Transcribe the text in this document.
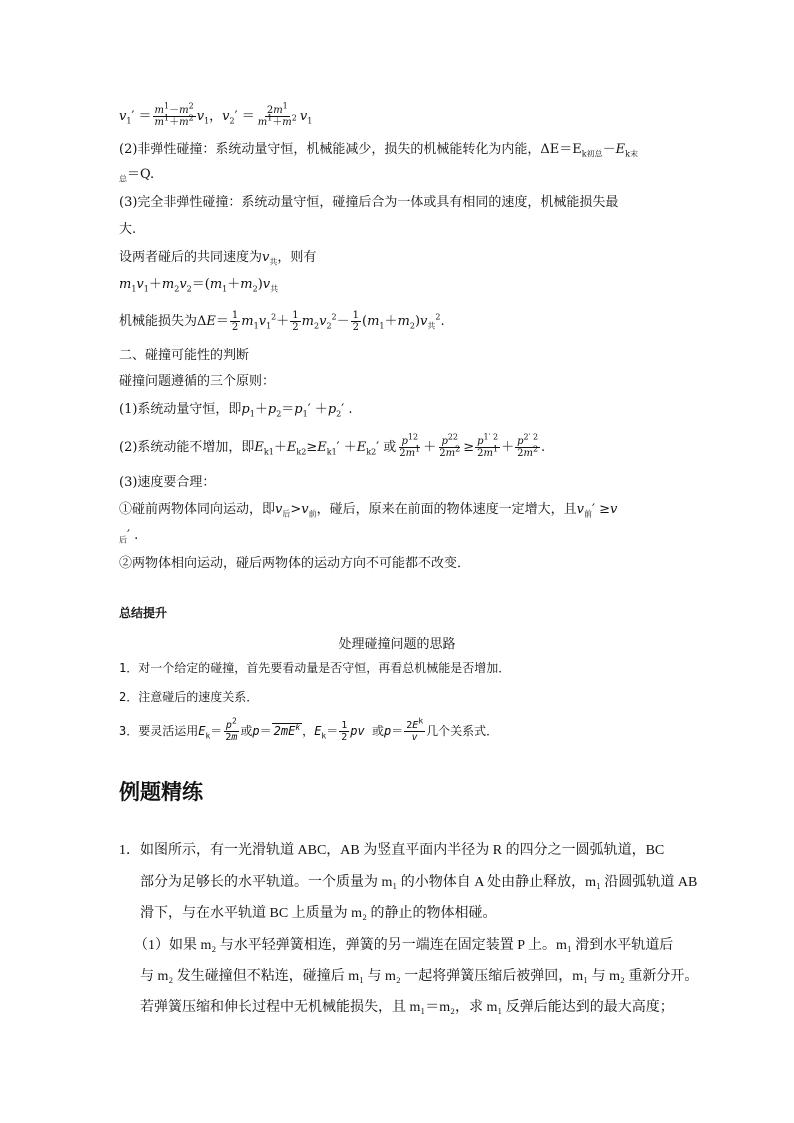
$v_1' = \frac{m^1-m^2}{m^1+m^2} v_1$，$v_2' = \frac{2m^1}{m^1+m^2} v_1$
(2)非弹性碰撞：系统动量守恒，机械能减少，损失的机械能转化为内能，$\Delta E=E_{k初总}-E_{k末}$
$_总$＝Q.
(3)完全非弹性碰撞：系统动量守恒，碰撞后合为一体或具有相同的速度，机械能损失最
大.
设两者碰后的共同速度为$v_共$，则有
$m_1v_1+m_2v_2=(m_1+m_2)v_共$
机械能损失为$\Delta E= \frac{1}{2} m_1v_1^2+ \frac{1}{2} m_2v_2^2- \frac{1}{2} (m_1+m_2)v_共^2$.
二、碰撞可能性的判断
碰撞问题遵循的三个原则：
(1)系统动量守恒，即$p_1+p_2=p_1' +p_2'$ .
(2)系统动能不增加，即$E_{k1}+E_{k2}\ge E_{k1}' +E_{k2}'$ 或 $\frac{p^{12}}{2m^1} + \frac{p^{22}}{2m^2} \ge \frac{p^{1' 2}}{2m^1} + \frac{p^{2' 2}}{2m^2}$ .
(3)速度要合理：
①碰前两物体同向运动，即$v_后>v_前$，碰后，原来在前面的物体速度一定增大，且$v_前' \ge v$
$_后$′ .
②两物体相向运动，碰后两物体的运动方向不可能都不改变．
总结提升
处理碰撞问题的思路
1．对一个给定的碰撞，首先要看动量是否守恒，再看总机械能是否增加．
2．注意碰后的速度关系．
3．要灵活运用$E_k= \frac{p^2}{2m}$ 或$p= 2mE^k$ ，$E_k= \frac{1}{2}$ pv 或$p= \frac{2E^k}{v}$ 几个关系式．
例题精练
1．如图所示，有一光滑轨道 ABC，AB 为竖直平面内半径为 R 的四分之一圆弧轨道，BC
部分为足够长的水平轨道。一个质量为 m₁ 的小物体自 A 处由静止释放，m₁ 沿圆弧轨道 AB
滑下，与在水平轨道 BC 上质量为 m₂ 的静止的物体相碰。
（1）如果 m₂ 与水平轻弹簧相连，弹簧的另一端连在固定装置 P 上。m₁ 滑到水平轨道后
与 m₂ 发生碰撞但不粘连，碰撞后 m₁ 与 m₂ 一起将弹簧压缩后被弹回，m₁ 与 m₂ 重新分开。
若弹簧压缩和伸长过程中无机械能损失，且 m₁＝m₂，求 m₁ 反弹后能达到的最大高度；
